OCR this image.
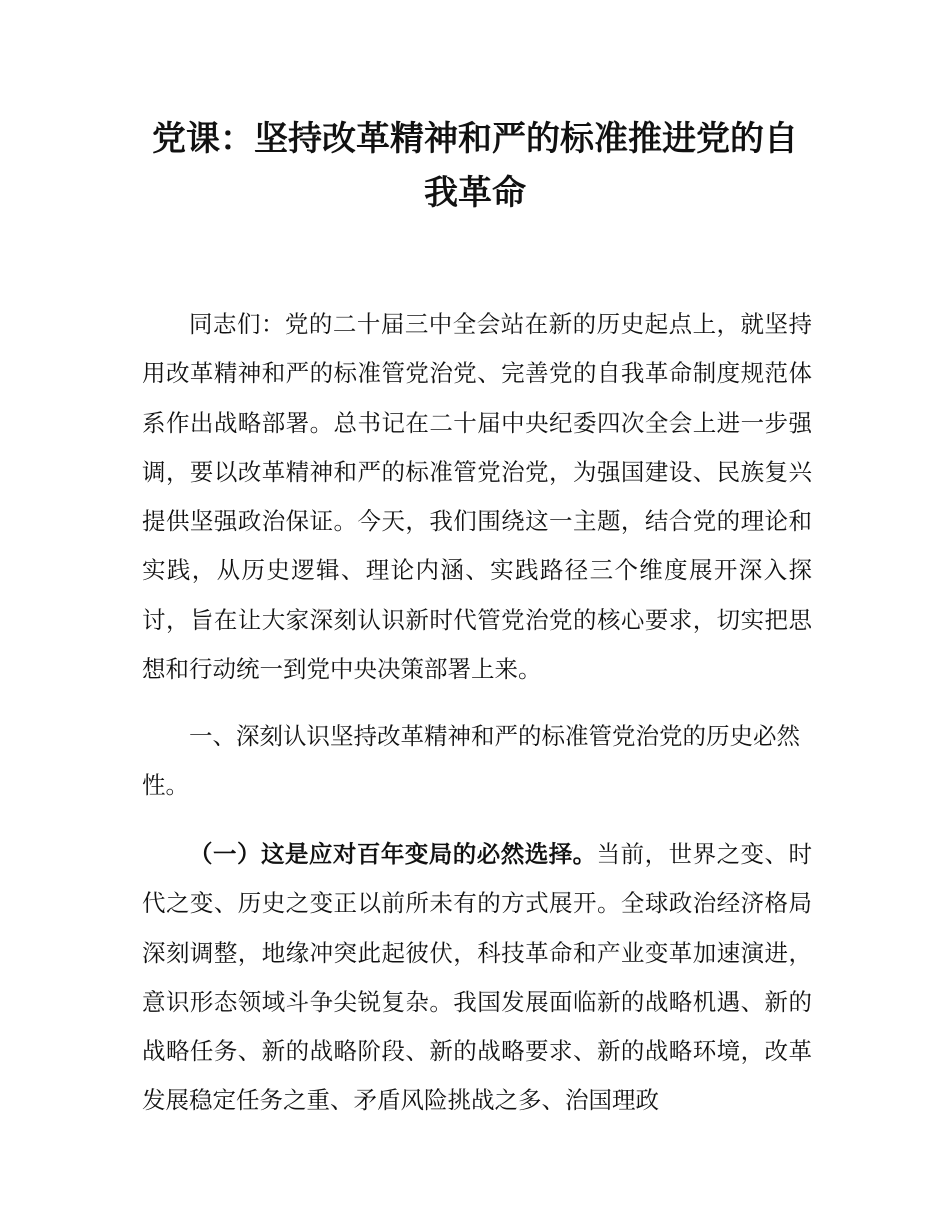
党课：坚持改革精神和严的标准推进党的自
我革命

同志们：党的二十届三中全会站在新的历史起点上，就坚持用改革精神和严的标准管党治党、完善党的自我革命制度规范体系作出战略部署。总书记在二十届中央纪委四次全会上进一步强调，要以改革精神和严的标准管党治党，为强国建设、民族复兴提供坚强政治保证。今天，我们围绕这一主题，结合党的理论和实践，从历史逻辑、理论内涵、实践路径三个维度展开深入探讨，旨在让大家深刻认识新时代管党治党的核心要求，切实把思想和行动统一到党中央决策部署上来。

一、深刻认识坚持改革精神和严的标准管党治党的历史必然性。

（一）这是应对百年变局的必然选择。当前，世界之变、时代之变、历史之变正以前所未有的方式展开。全球政治经济格局深刻调整，地缘冲突此起彼伏，科技革命和产业变革加速演进，意识形态领域斗争尖锐复杂。我国发展面临新的战略机遇、新的战略任务、新的战略阶段、新的战略要求、新的战略环境，改革发展稳定任务之重、矛盾风险挑战之多、治国理政
